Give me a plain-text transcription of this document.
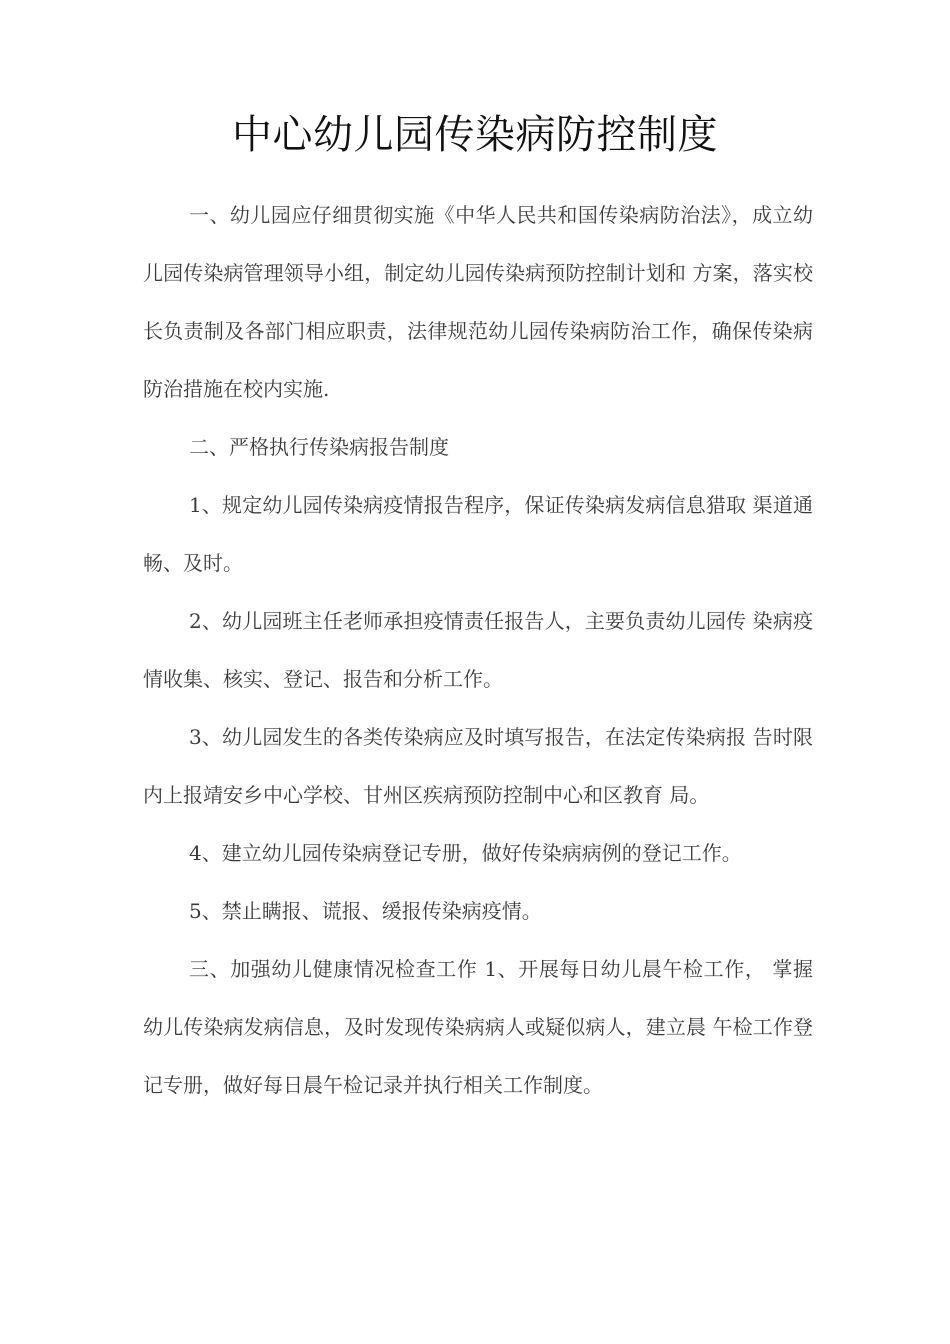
中心幼儿园传染病防控制度

一、幼儿园应仔细贯彻实施《中华人民共和国传染病防治法》，成立幼儿园传染病管理领导小组，制定幼儿园传染病预防控制计划和 方案，落实校长负责制及各部门相应职责，法律规范幼儿园传染病防治工作，确保传染病防治措施在校内实施.

二、严格执行传染病报告制度

1、规定幼儿园传染病疫情报告程序，保证传染病发病信息猎取 渠道通畅、及时。

2、幼儿园班主任老师承担疫情责任报告人，主要负责幼儿园传 染病疫情收集、核实、登记、报告和分析工作。

3、幼儿园发生的各类传染病应及时填写报告，在法定传染病报 告时限内上报靖安乡中心学校、甘州区疾病预防控制中心和区教育 局。

4、建立幼儿园传染病登记专册，做好传染病病例的登记工作。

5、禁止瞒报、谎报、缓报传染病疫情。

三、加强幼儿健康情况检查工作 1、开展每日幼儿晨午检工作， 掌握幼儿传染病发病信息，及时发现传染病病人或疑似病人，建立晨 午检工作登记专册，做好每日晨午检记录并执行相关工作制度。
